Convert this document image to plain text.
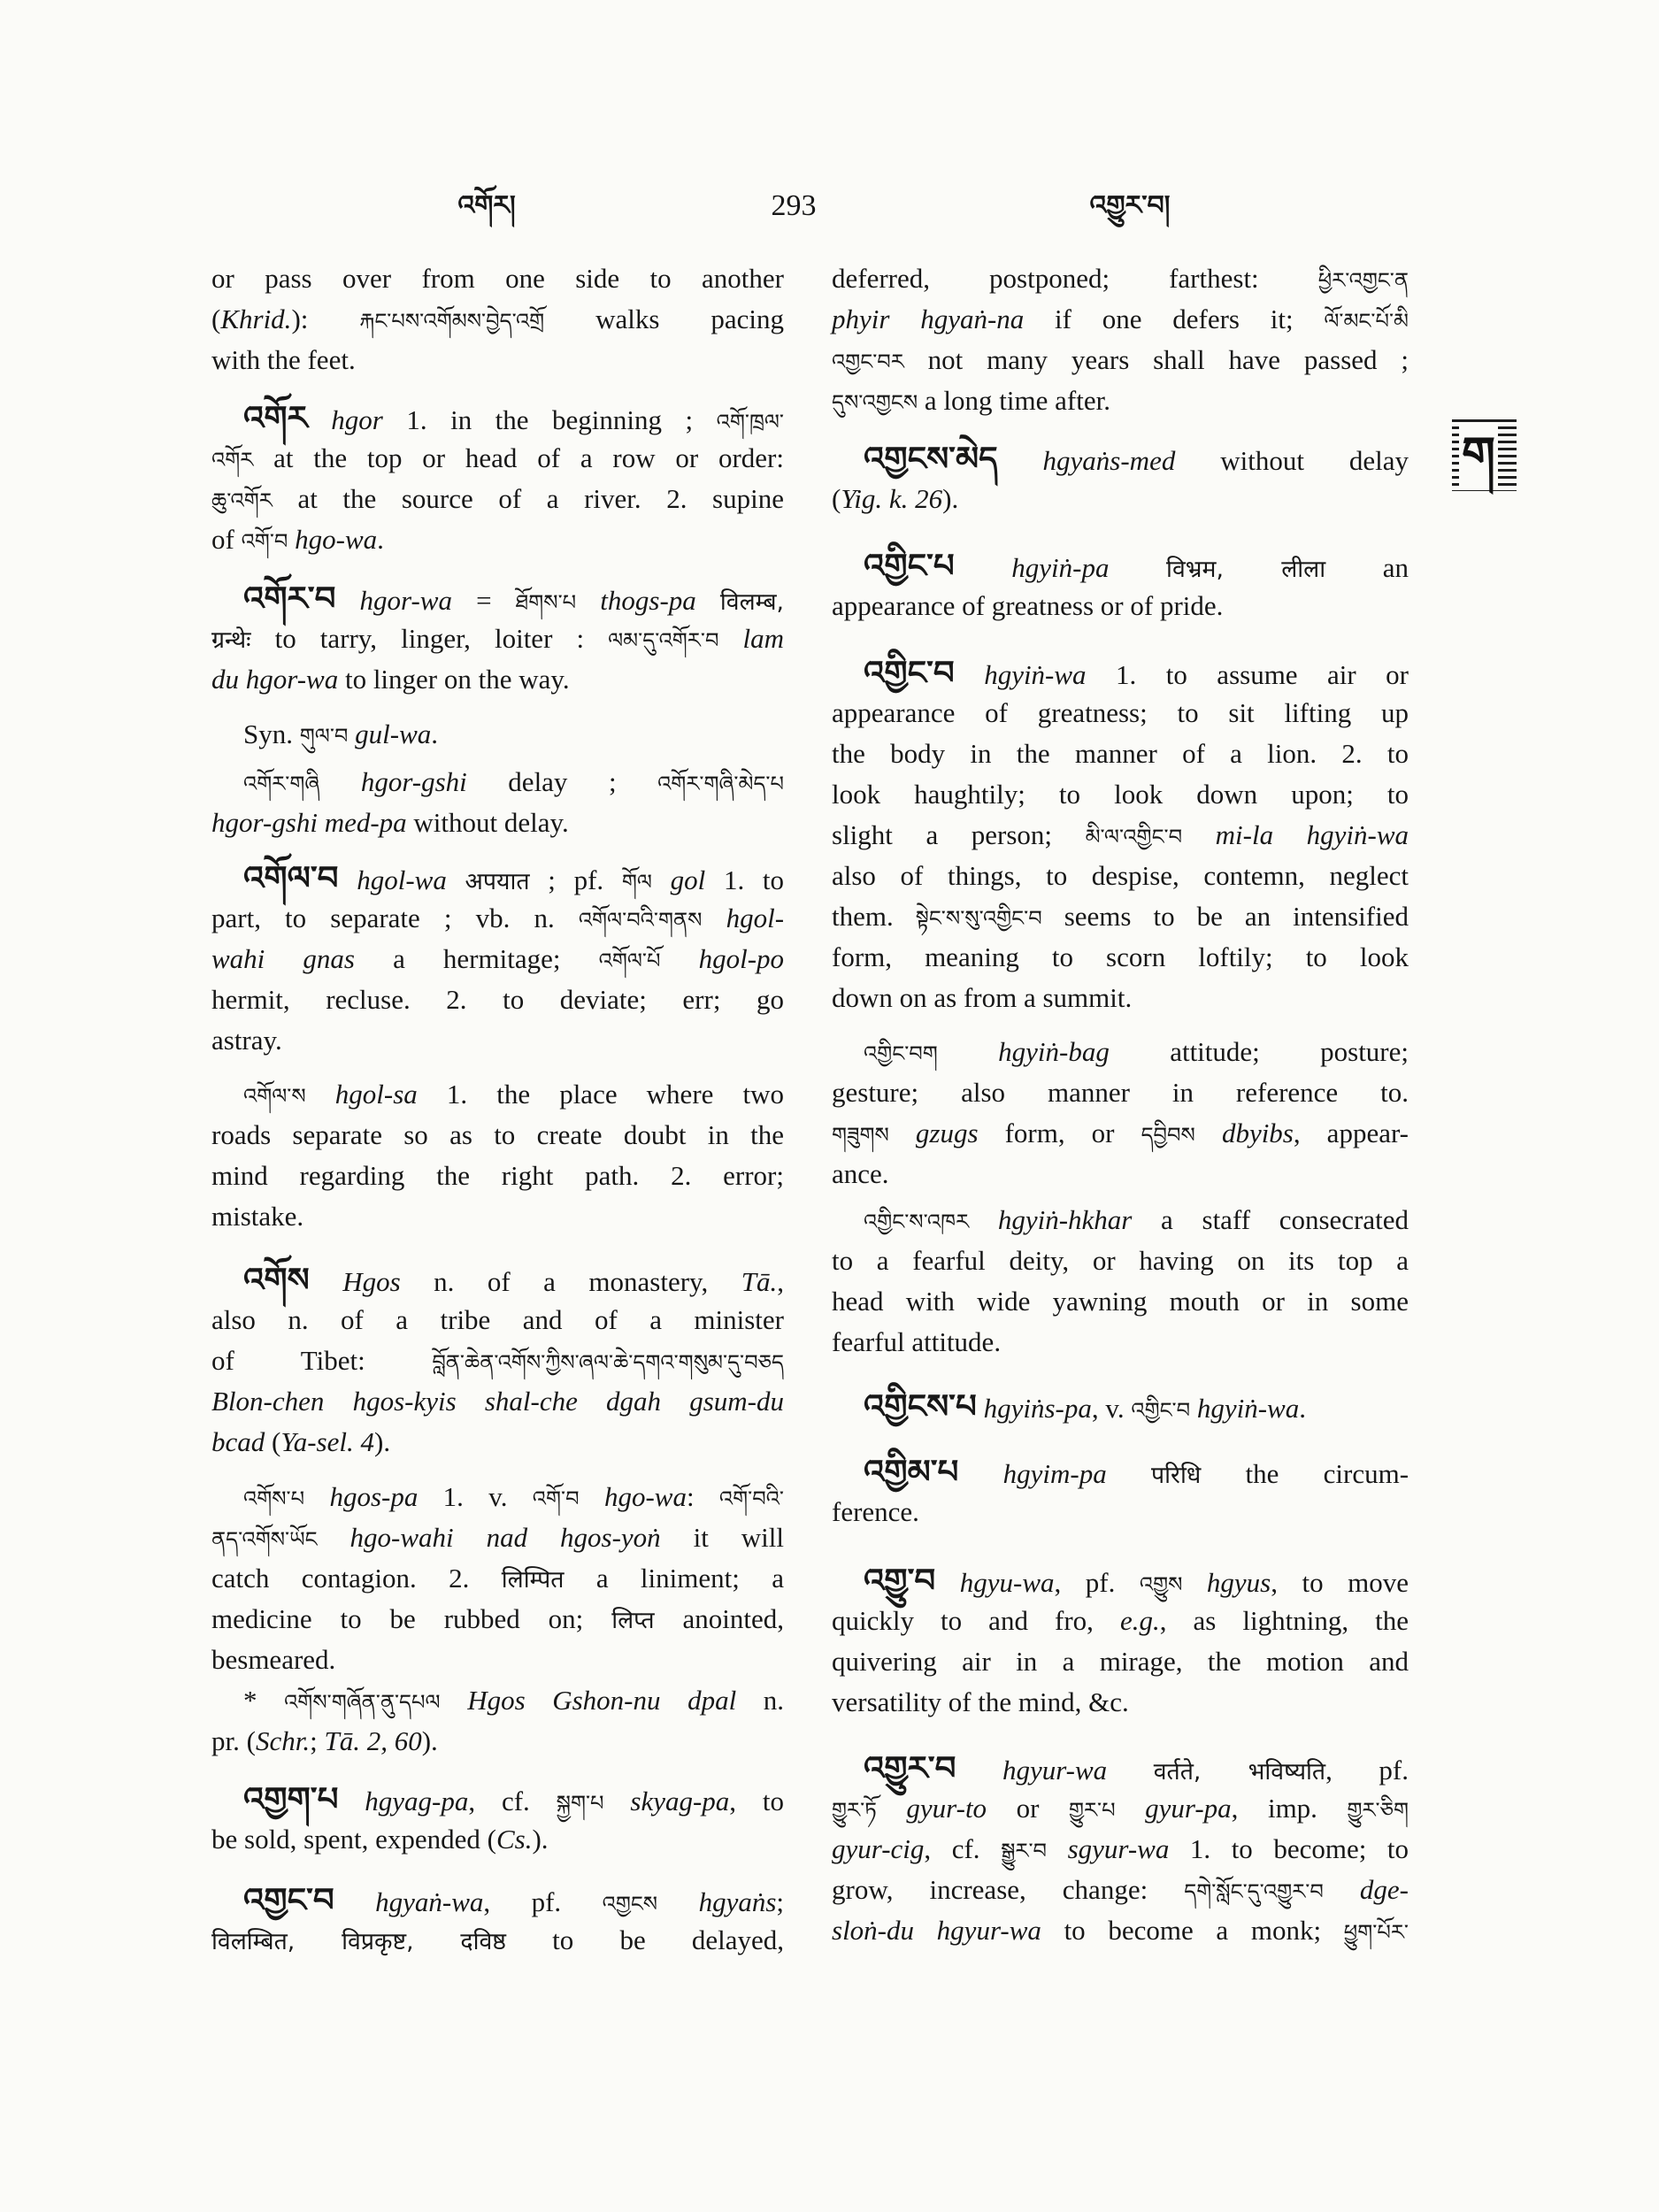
འགོར།	293	འགྱུར་བ།
or pass over from one side to another
(Khrid.): རྐང་པས་འགོམས་བྱེད་འགྲོ walks pacing
with the feet.
འགོར hgor 1. in the beginning ; འགོ་ཁྲལ་
འགོར at the top or head of a row or order:
ཆུ་འགོར at the source of a river. 2. supine
of འགོ་བ hgo-wa.
འགོར་བ hgor-wa = ཐོགས་པ thogs-pa विलम्ब,
ग्रन्थेः to tarry, linger, loiter : ལམ་དུ་འགོར་བ lam
du hgor-wa to linger on the way.
Syn. གུལ་བ gul-wa.
འགོར་གཞི hgor-gshi delay ; འགོར་གཞི་མེད་པ
hgor-gshi med-pa without delay.
འགོལ་བ hgol-wa अपयात ; pf. གོལ gol 1. to
part, to separate ; vb. n. འགོལ་བའི་གནས hgol-
wahi gnas a hermitage; འགོལ་པོ hgol-po
hermit, recluse. 2. to deviate; err; go
astray.
འགོལ་ས hgol-sa 1. the place where two
roads separate so as to create doubt in the
mind regarding the right path. 2. error;
mistake.
འགོས Hgos n. of a monastery, Tā.,
also n. of a tribe and of a minister
of Tibet: བློན་ཆེན་འགོས་ཀྱིས་ཞལ་ཆེ་དགའ་གསུམ་དུ་བཅད
Blon-chen hgos-kyis shal-che dgah gsum-du
bcad (Ya-sel. 4).
འགོས་པ hgos-pa 1. v. འགོ་བ hgo-wa: འགོ་བའི་
ནད་འགོས་ཡོང hgo-wahi nad hgos-yoṅ it will
catch contagion. 2. लिम्पित a liniment; a
medicine to be rubbed on; लिप्त anointed,
besmeared.
* འགོས་གཞོན་ནུ་དཔལ Hgos Gshon-nu dpal n.
pr. (Schr.; Tā. 2, 60).
འགྱག་པ hgyag-pa, cf. སྐྱག་པ skyag-pa, to
be sold, spent, expended (Cs.).
འགྱང་བ hgyaṅ-wa, pf. འགྱངས hgyaṅs;
विलम्बित, विप्रकृष्ट, दविष्ठ to be delayed,
deferred, postponed; farthest: ཕྱིར་འགྱང་ན
phyir hgyaṅ-na if one defers it; ལོ་མང་པོ་མི
འགྱང་བར not many years shall have passed ;
དུས་འགྱངས a long time after.
འགྱངས་མེད hgyaṅs-med without delay
(Yig. k. 26).
འགྱིང་པ hgyiṅ-pa विभ्रम, लीला an
appearance of greatness or of pride.
འགྱིང་བ hgyiṅ-wa 1. to assume air or
appearance of greatness; to sit lifting up
the body in the manner of a lion. 2. to
look haughtily; to look down upon; to
slight a person; མི་ལ་འགྱིང་བ mi-la hgyiṅ-wa
also of things, to despise, contemn, neglect
them. སྟེང་ས་སུ་འགྱིང་བ seems to be an intensified
form, meaning to scorn loftily; to look
down on as from a summit.
འགྱིང་བག hgyiṅ-bag attitude; posture;
gesture; also manner in reference to.
གཟུགས gzugs form, or དབྱིབས dbyibs, appear-
ance.
འགྱིང་ས་འཁར hgyiṅ-hkhar a staff consecrated
to a fearful deity, or having on its top a
head with wide yawning mouth or in some
fearful attitude.
འགྱིངས་པ hgyiṅs-pa, v. འགྱིང་བ hgyiṅ-wa.
འགྱིམ་པ hgyim-pa परिधि the circum-
ference.
འགྱུ་བ hgyu-wa, pf. འགྱུས hgyus, to move
quickly to and fro, e.g., as lightning, the
quivering air in a mirage, the motion and
versatility of the mind, &c.
འགྱུར་བ hgyur-wa वर्तते, भविष्यति, pf.
གྱུར་ཏོ gyur-to or གྱུར་པ gyur-pa, imp. གྱུར་ཅིག
gyur-cig, cf. སྒྱུར་བ sgyur-wa 1. to become; to
grow, increase, change: དགེ་སློང་དུ་འགྱུར་བ dge-
sloṅ-du hgyur-wa to become a monk; ཕྱུག་པོར་
ག
